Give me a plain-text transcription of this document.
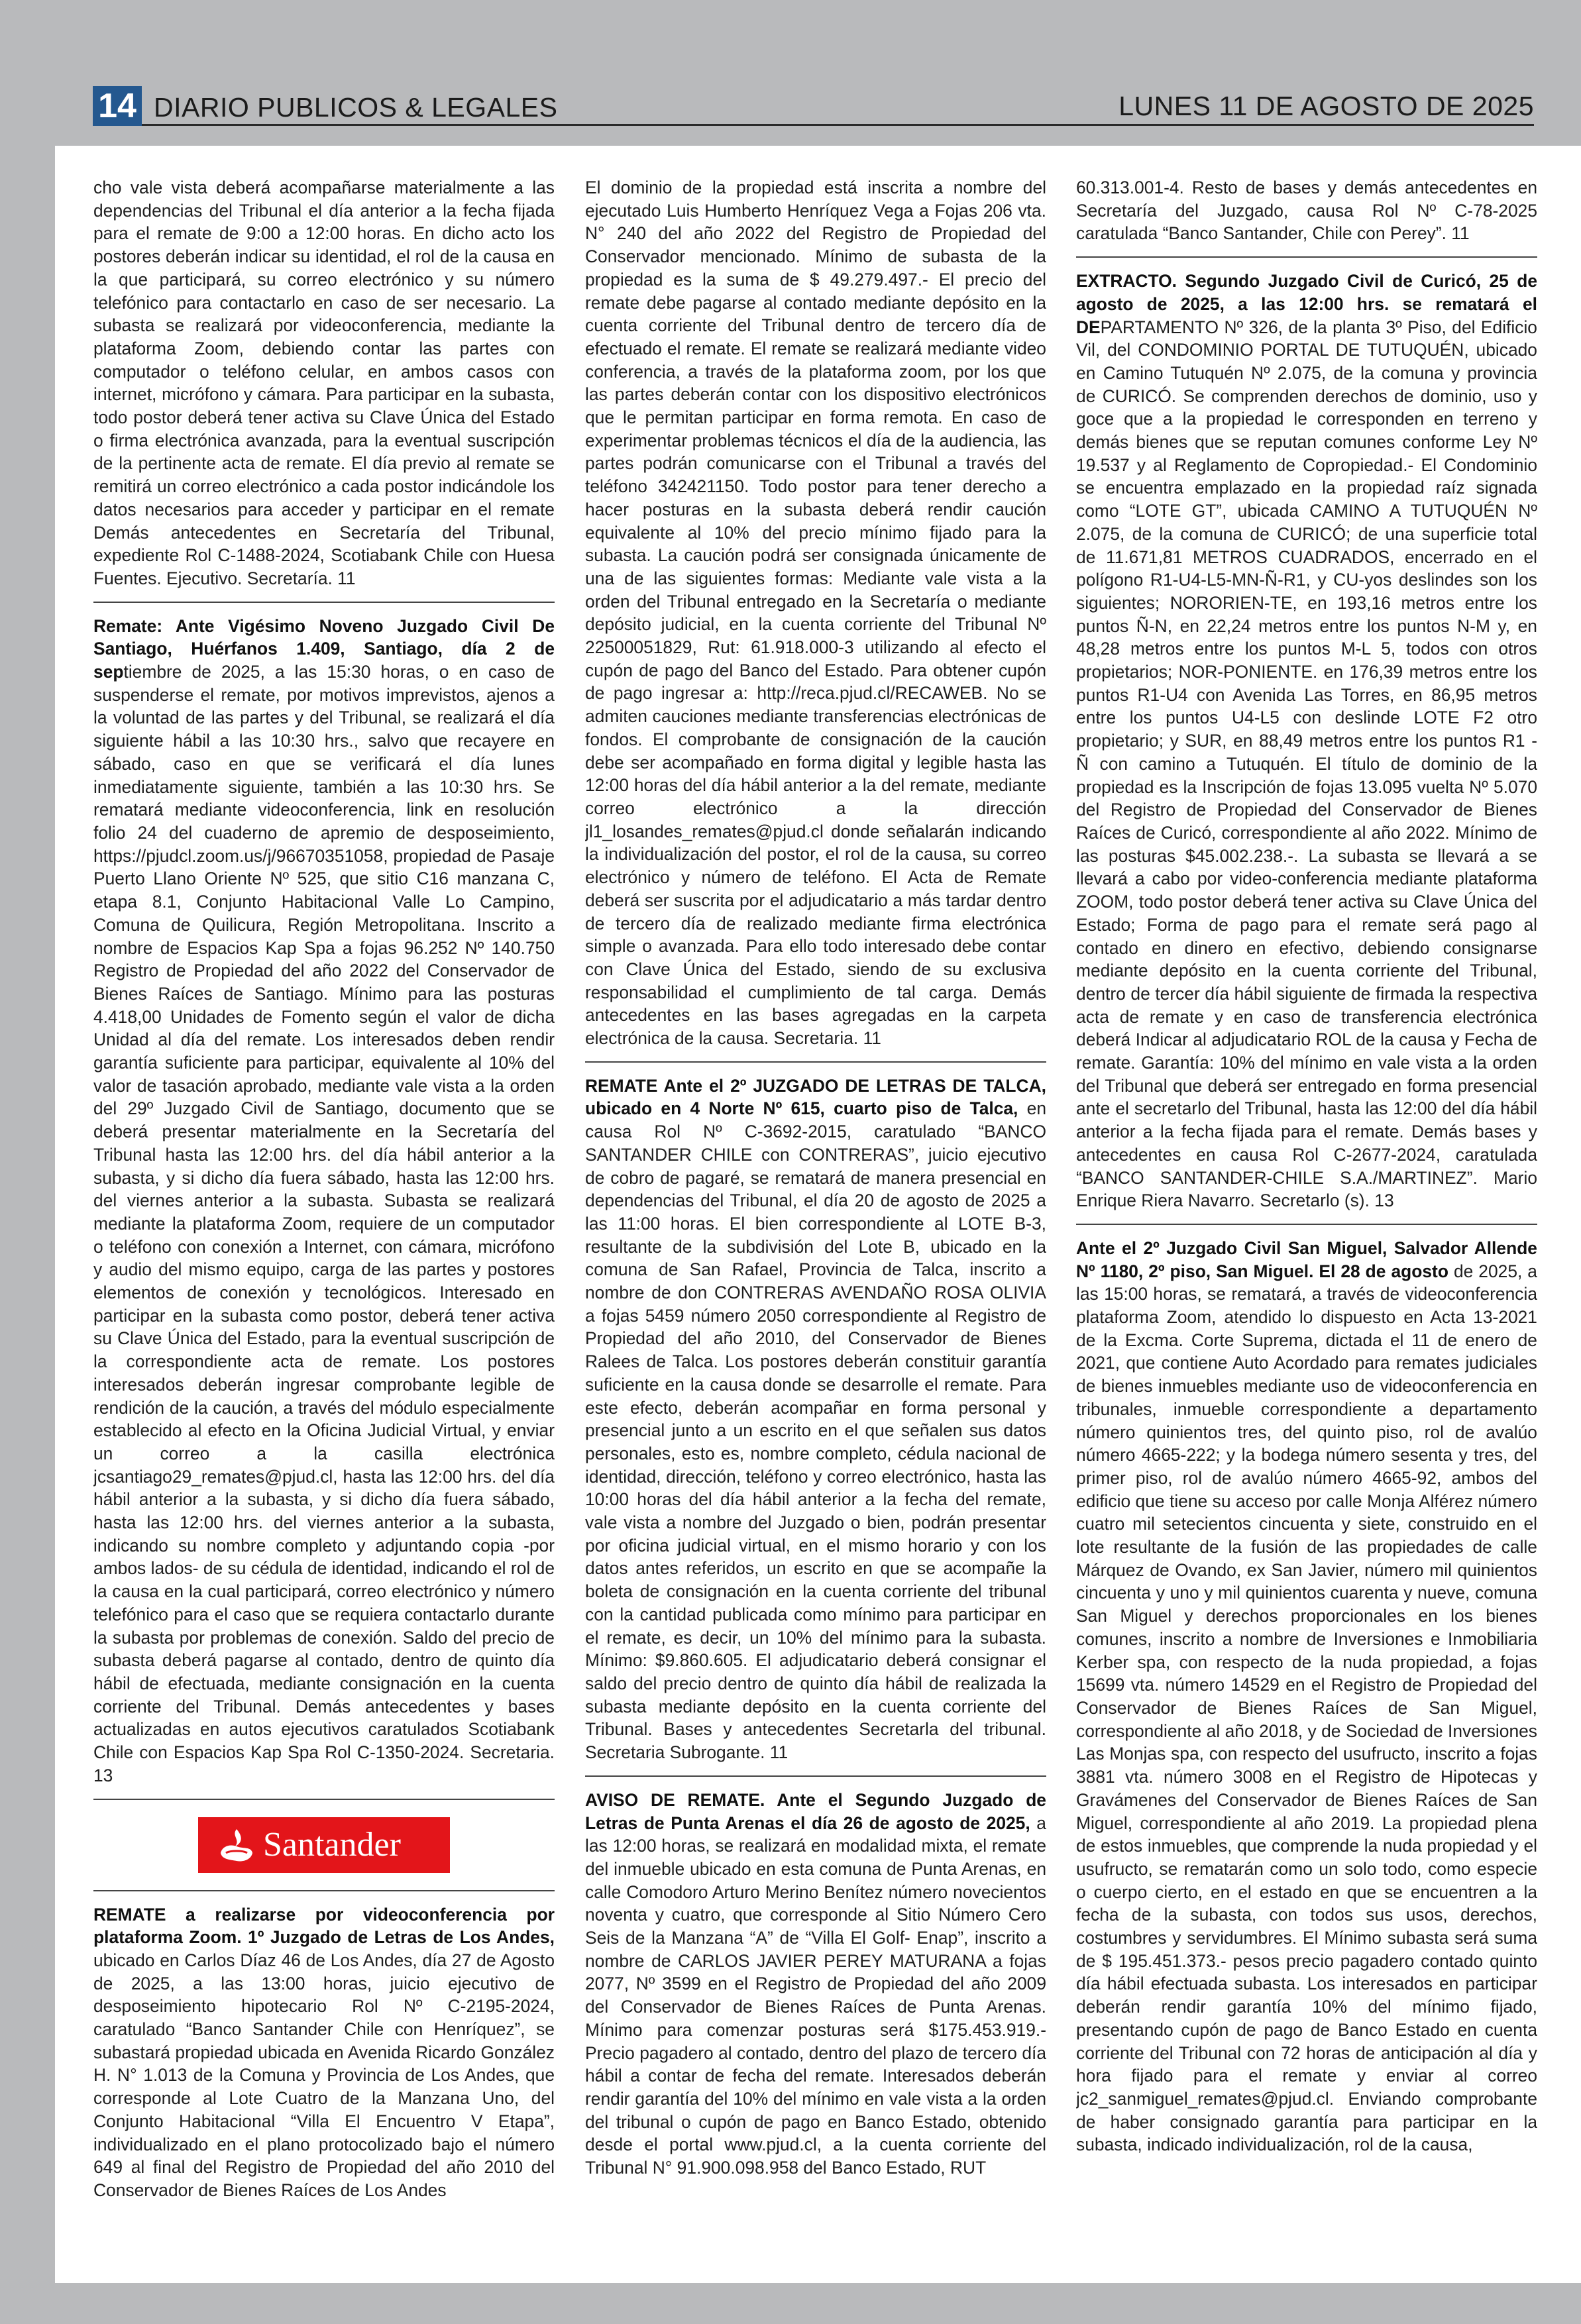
14 DIARIO PUBLICOS & LEGALES	LUNES 11 DE AGOSTO DE 2025

cho vale vista deberá acompañarse materialmente a las dependencias del Tribunal el día anterior a la fecha fijada para el remate de 9:00 a 12:00 horas. En dicho acto los postores deberán indicar su identidad, el rol de la causa en la que participará, su correo electrónico y su número telefónico para contactarlo en caso de ser necesario. La subasta se realizará por videoconferencia, mediante la plataforma Zoom, debiendo contar las partes con computador o teléfono celular, en ambos casos con internet, micrófono y cámara. Para participar en la subasta, todo postor deberá tener activa su Clave Única del Estado o firma electrónica avanzada, para la eventual suscripción de la pertinente acta de remate. El día previo al remate se remitirá un correo electrónico a cada postor indicándole los datos necesarios para acceder y participar en el remate Demás antecedentes en Secretaría del Tribunal, expediente Rol C-1488-2024, Scotiabank Chile con Huesa Fuentes. Ejecutivo. Secretaría. 11

Remate: Ante Vigésimo Noveno Juzgado Civil De Santiago, Huérfanos 1.409, Santiago, día 2 de septiembre de 2025, a las 15:30 horas, o en caso de suspenderse el remate, por motivos imprevistos, ajenos a la voluntad de las partes y del Tribunal, se realizará el día siguiente hábil a las 10:30 hrs., salvo que recayere en sábado, caso en que se verificará el día lunes inmediatamente siguiente, también a las 10:30 hrs. Se rematará mediante videoconferencia, link en resolución folio 24 del cuaderno de apremio de desposeimiento, https://pjudcl.zoom.us/j/96670351058, propiedad de Pasaje Puerto Llano Oriente Nº 525, que sitio C16 manzana C, etapa 8.1, Conjunto Habitacional Valle Lo Campino, Comuna de Quilicura, Región Metropolitana. Inscrito a nombre de Espacios Kap Spa a fojas 96.252 Nº 140.750 Registro de Propiedad del año 2022 del Conservador de Bienes Raíces de Santiago. Mínimo para las posturas 4.418,00 Unidades de Fomento según el valor de dicha Unidad al día del remate. Los interesados deben rendir garantía suficiente para participar, equivalente al 10% del valor de tasación aprobado, mediante vale vista a la orden del 29º Juzgado Civil de Santiago, documento que se deberá presentar materialmente en la Secretaría del Tribunal hasta las 12:00 hrs. del día hábil anterior a la subasta, y si dicho día fuera sábado, hasta las 12:00 hrs. del viernes anterior a la subasta. Subasta se realizará mediante la plataforma Zoom, requiere de un computador o teléfono con conexión a Internet, con cámara, micrófono y audio del mismo equipo, carga de las partes y postores elementos de conexión y tecnológicos. Interesado en participar en la subasta como postor, deberá tener activa su Clave Única del Estado, para la eventual suscripción de la correspondiente acta de remate. Los postores interesados deberán ingresar comprobante legible de rendición de la caución, a través del módulo especialmente establecido al efecto en la Oficina Judicial Virtual, y enviar un correo a la casilla electrónica jcsantiago29_remates@pjud.cl, hasta las 12:00 hrs. del día hábil anterior a la subasta, y si dicho día fuera sábado, hasta las 12:00 hrs. del viernes anterior a la subasta, indicando su nombre completo y adjuntando copia -por ambos lados- de su cédula de identidad, indicando el rol de la causa en la cual participará, correo electrónico y número telefónico para el caso que se requiera contactarlo durante la subasta por problemas de conexión. Saldo del precio de subasta deberá pagarse al contado, dentro de quinto día hábil de efectuada, mediante consignación en la cuenta corriente del Tribunal. Demás antecedentes y bases actualizadas en autos ejecutivos caratulados Scotiabank Chile con Espacios Kap Spa Rol C-1350-2024. Secretaria. 13

Santander

REMATE a realizarse por videoconferencia por plataforma Zoom. 1º Juzgado de Letras de Los Andes, ubicado en Carlos Díaz 46 de Los Andes, día 27 de Agosto de 2025, a las 13:00 horas, juicio ejecutivo de desposeimiento hipotecario Rol Nº C-2195-2024, caratulado “Banco Santander Chile con Henríquez”, se subastará propiedad ubicada en Avenida Ricardo González H. N° 1.013 de la Comuna y Provincia de Los Andes, que corresponde al Lote Cuatro de la Manzana Uno, del Conjunto Habitacional “Villa El Encuentro V Etapa”, individualizado en el plano protocolizado bajo el número 649 al final del Registro de Propiedad del año 2010 del Conservador de Bienes Raíces de Los Andes

El dominio de la propiedad está inscrita a nombre del ejecutado Luis Humberto Henríquez Vega a Fojas 206 vta. N° 240 del año 2022 del Registro de Propiedad del Conservador mencionado. Mínimo de subasta de la propiedad es la suma de $ 49.279.497.- El precio del remate debe pagarse al contado mediante depósito en la cuenta corriente del Tribunal dentro de tercero día de efectuado el remate. El remate se realizará mediante video conferencia, a través de la plataforma zoom, por los que las partes deberán contar con los dispositivo electrónicos que le permitan participar en forma remota. En caso de experimentar problemas técnicos el día de la audiencia, las partes podrán comunicarse con el Tribunal a través del teléfono 342421150. Todo postor para tener derecho a hacer posturas en la subasta deberá rendir caución equivalente al 10% del precio mínimo fijado para la subasta. La caución podrá ser consignada únicamente de una de las siguientes formas: Mediante vale vista a la orden del Tribunal entregado en la Secretaría o mediante depósito judicial, en la cuenta corriente del Tribunal Nº 22500051829, Rut: 61.918.000-3 utilizando al efecto el cupón de pago del Banco del Estado. Para obtener cupón de pago ingresar a: http://reca.pjud.cl/RECAWEB. No se admiten cauciones mediante transferencias electrónicas de fondos. El comprobante de consignación de la caución debe ser acompañado en forma digital y legible hasta las 12:00 horas del día hábil anterior a la del remate, mediante correo electrónico a la dirección jl1_losandes_remates@pjud.cl donde señalarán indicando la individualización del postor, el rol de la causa, su correo electrónico y número de teléfono. El Acta de Remate deberá ser suscrita por el adjudicatario a más tardar dentro de tercero día de realizado mediante firma electrónica simple o avanzada. Para ello todo interesado debe contar con Clave Única del Estado, siendo de su exclusiva responsabilidad el cumplimiento de tal carga. Demás antecedentes en las bases agregadas en la carpeta electrónica de la causa. Secretaria. 11

REMATE Ante el 2º JUZGADO DE LETRAS DE TALCA, ubicado en 4 Norte Nº 615, cuarto piso de Talca, en causa Rol Nº C-3692-2015, caratulado “BANCO SANTANDER CHILE con CONTRERAS”, juicio ejecutivo de cobro de pagaré, se rematará de manera presencial en dependencias del Tribunal, el día 20 de agosto de 2025 a las 11:00 horas. El bien correspondiente al LOTE B-3, resultante de la subdivisión del Lote B, ubicado en la comuna de San Rafael, Provincia de Talca, inscrito a nombre de don CONTRERAS AVENDAÑO ROSA OLIVIA a fojas 5459 número 2050 correspondiente al Registro de Propiedad del año 2010, del Conservador de Bienes Ralees de Talca. Los postores deberán constituir garantía suficiente en la causa donde se desarrolle el remate. Para este efecto, deberán acompañar en forma personal y presencial junto a un escrito en el que señalen sus datos personales, esto es, nombre completo, cédula nacional de identidad, dirección, teléfono y correo electrónico, hasta las 10:00 horas del día hábil anterior a la fecha del remate, vale vista a nombre del Juzgado o bien, podrán presentar por oficina judicial virtual, en el mismo horario y con los datos antes referidos, un escrito en que se acompañe la boleta de consignación en la cuenta corriente del tribunal con la cantidad publicada como mínimo para participar en el remate, es decir, un 10% del mínimo para la subasta. Mínimo: $9.860.605. El adjudicatario deberá consignar el saldo del precio dentro de quinto día hábil de realizada la subasta mediante depósito en la cuenta corriente del Tribunal. Bases y antecedentes Secretarla del tribunal. Secretaria Subrogante. 11

AVISO DE REMATE. Ante el Segundo Juzgado de Letras de Punta Arenas el día 26 de agosto de 2025, a las 12:00 horas, se realizará en modalidad mixta, el remate del inmueble ubicado en esta comuna de Punta Arenas, en calle Comodoro Arturo Merino Benítez número novecientos noventa y cuatro, que corresponde al Sitio Número Cero Seis de la Manzana “A” de “Villa El Golf- Enap”, inscrito a nombre de CARLOS JAVIER PEREY MATURANA a fojas 2077, Nº 3599 en el Registro de Propiedad del año 2009 del Conservador de Bienes Raíces de Punta Arenas. Mínimo para comenzar posturas será $175.453.919.- Precio pagadero al contado, dentro del plazo de tercero día hábil a contar de fecha del remate. Interesados deberán rendir garantía del 10% del mínimo en vale vista a la orden del tribunal o cupón de pago en Banco Estado, obtenido desde el portal www.pjud.cl, a la cuenta corriente del Tribunal N° 91.900.098.958 del Banco Estado, RUT

60.313.001-4. Resto de bases y demás antecedentes en Secretaría del Juzgado, causa Rol Nº C-78-2025 caratulada “Banco Santander, Chile con Perey”. 11

EXTRACTO. Segundo Juzgado Civil de Curicó, 25 de agosto de 2025, a las 12:00 hrs. se rematará el DEPARTAMENTO Nº 326, de la planta 3º Piso, del Edificio Vil, del CONDOMINIO PORTAL DE TUTUQUÉN, ubicado en Camino Tutuquén Nº 2.075, de la comuna y provincia de CURICÓ. Se comprenden derechos de dominio, uso y goce que a la propiedad le corresponden en terreno y demás bienes que se reputan comunes conforme Ley Nº 19.537 y al Reglamento de Copropiedad.- El Condominio se encuentra emplazado en la propiedad raíz signada como “LOTE GT”, ubicada CAMINO A TUTUQUÉN Nº 2.075, de la comuna de CURICÓ; de una superficie total de 11.671,81 METROS CUADRADOS, encerrado en el polígono R1-U4-L5-MN-Ñ-R1, y CU-yos deslindes son los siguientes; NORORIEN-TE, en 193,16 metros entre los puntos Ñ-N, en 22,24 metros entre los puntos N-M y, en 48,28 metros entre los puntos M-L 5, todos con otros propietarios; NOR-PONIENTE. en 176,39 metros entre los puntos R1-U4 con Avenida Las Torres, en 86,95 metros entre los puntos U4-L5 con deslinde LOTE F2 otro propietario; y SUR, en 88,49 metros entre los puntos R1 - Ñ con camino a Tutuquén. El título de dominio de la propiedad es la Inscripción de fojas 13.095 vuelta Nº 5.070 del Registro de Propiedad del Conservador de Bienes Raíces de Curicó, correspondiente al año 2022. Mínimo de las posturas $45.002.238.-. La subasta se llevará a se llevará a cabo por video-conferencia mediante plataforma ZOOM, todo postor deberá tener activa su Clave Única del Estado; Forma de pago para el remate será pago al contado en dinero en efectivo, debiendo consignarse mediante depósito en la cuenta corriente del Tribunal, dentro de tercer día hábil siguiente de firmada la respectiva acta de remate y en caso de transferencia electrónica deberá Indicar al adjudicatario ROL de la causa y Fecha de remate. Garantía: 10% del mínimo en vale vista a la orden del Tribunal que deberá ser entregado en forma presencial ante el secretarlo del Tribunal, hasta las 12:00 del día hábil anterior a la fecha fijada para el remate. Demás bases y antecedentes en causa Rol C-2677-2024, caratulada “BANCO SANTANDER-CHILE S.A./MARTINEZ”. Mario Enrique Riera Navarro. Secretarlo (s). 13

Ante el 2º Juzgado Civil San Miguel, Salvador Allende Nº 1180, 2º piso, San Miguel. El 28 de agosto de 2025, a las 15:00 horas, se rematará, a través de videoconferencia plataforma Zoom, atendido lo dispuesto en Acta 13-2021 de la Excma. Corte Suprema, dictada el 11 de enero de 2021, que contiene Auto Acordado para remates judiciales de bienes inmuebles mediante uso de videoconferencia en tribunales, inmueble correspondiente a departamento número quinientos tres, del quinto piso, rol de avalúo número 4665-222; y la bodega número sesenta y tres, del primer piso, rol de avalúo número 4665-92, ambos del edificio que tiene su acceso por calle Monja Alférez número cuatro mil setecientos cincuenta y siete, construido en el lote resultante de la fusión de las propiedades de calle Márquez de Ovando, ex San Javier, número mil quinientos cincuenta y uno y mil quinientos cuarenta y nueve, comuna San Miguel y derechos proporcionales en los bienes comunes, inscrito a nombre de Inversiones e Inmobiliaria Kerber spa, con respecto de la nuda propiedad, a fojas 15699 vta. número 14529 en el Registro de Propiedad del Conservador de Bienes Raíces de San Miguel, correspondiente al año 2018, y de Sociedad de Inversiones Las Monjas spa, con respecto del usufructo, inscrito a fojas 3881 vta. número 3008 en el Registro de Hipotecas y Gravámenes del Conservador de Bienes Raíces de San Miguel, correspondiente al año 2019. La propiedad plena de estos inmuebles, que comprende la nuda propiedad y el usufructo, se rematarán como un solo todo, como especie o cuerpo cierto, en el estado en que se encuentren a la fecha de la subasta, con todos sus usos, derechos, costumbres y servidumbres. El Mínimo subasta será suma de $ 195.451.373.- pesos precio pagadero contado quinto día hábil efectuada subasta. Los interesados en participar deberán rendir garantía 10% del mínimo fijado, presentando cupón de pago de Banco Estado en cuenta corriente del Tribunal con 72 horas de anticipación al día y hora fijado para el remate y enviar al correo jc2_sanmiguel_remates@pjud.cl. Enviando comprobante de haber consignado garantía para participar en la subasta, indicado individualización, rol de la causa,
